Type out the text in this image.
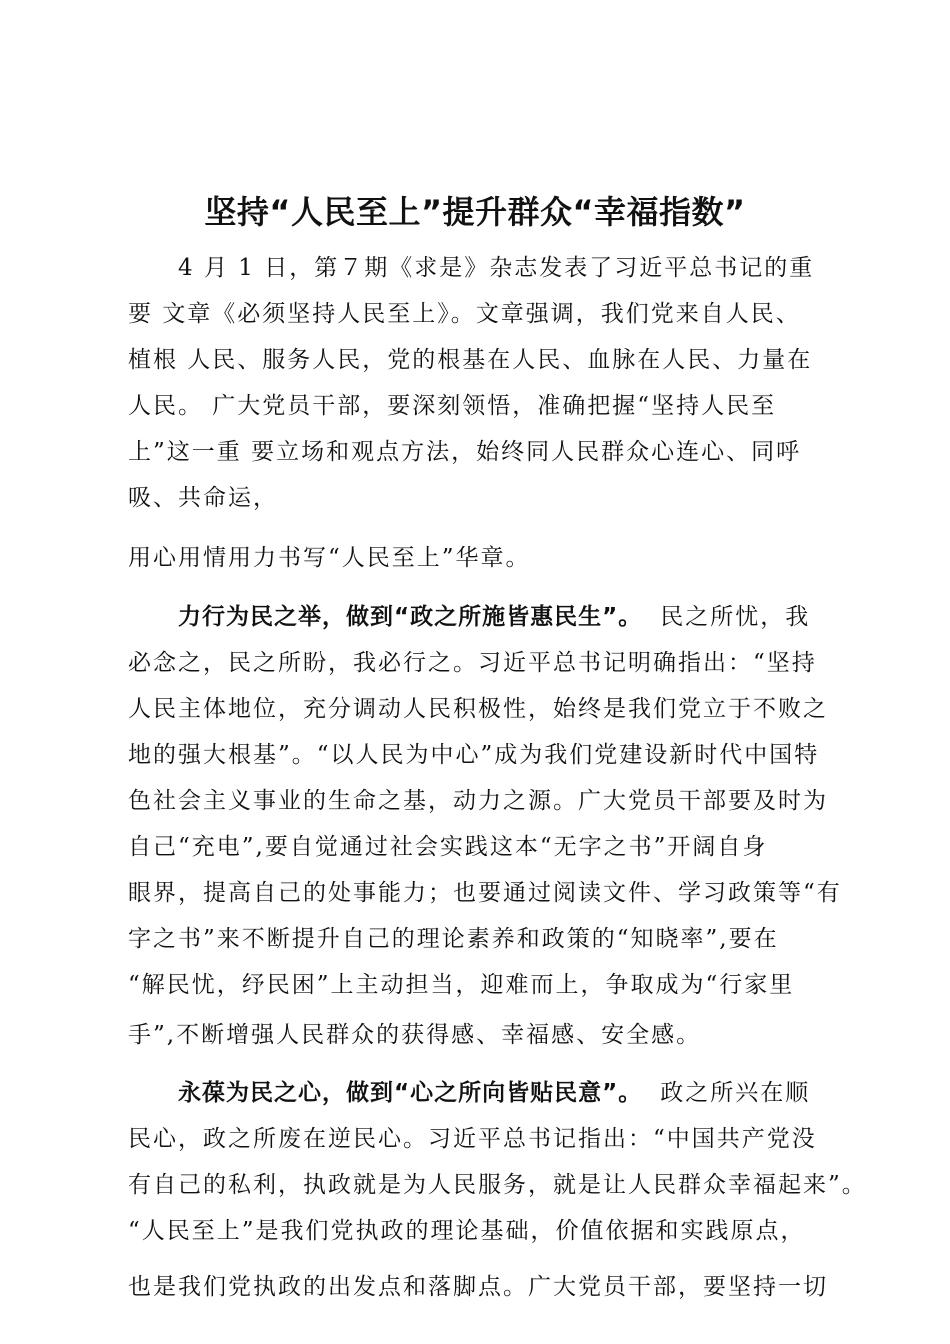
坚持“人民至上”提升群众“幸福指数”

4 月 1 日，第７期《求是》杂志发表了习近平总书记的重

要 文章《必须坚持人民至上》。文章强调，我们党来自人民、

植根 人民、服务人民，党的根基在人民、血脉在人民、力量在

人民。 广大党员干部，要深刻领悟，准确把握“坚持人民至

上”这一重 要立场和观点方法，始终同人民群众心连心、同呼

吸、共命运，

用心用情用力书写“人民至上”华章。

力行为民之举，做到“政之所施皆惠民生”。 民之所忧，我

必念之，民之所盼，我必行之。习近平总书记明确指出：“坚持

人民主体地位，充分调动人民积极性，始终是我们党立于不败之

地的强大根基”。“以人民为中心”成为我们党建设新时代中国特

色社会主义事业的生命之基，动力之源。广大党员干部要及时为

自己“充电”,要自觉通过社会实践这本“无字之书”开阔自身

眼界，提高自己的处事能力；也要通过阅读文件、学习政策等“有

字之书”来不断提升自己的理论素养和政策的“知晓率”,要在

“解民忧，纾民困”上主动担当，迎难而上，争取成为“行家里

手”,不断增强人民群众的获得感、幸福感、安全感。

永葆为民之心，做到“心之所向皆贴民意”。 政之所兴在顺

民心，政之所废在逆民心。习近平总书记指出：“中国共产党没

有自己的私利，执政就是为人民服务，就是让人民群众幸福起来”。

“人民至上”是我们党执政的理论基础，价值依据和实践原点，

也是我们党执政的出发点和落脚点。广大党员干部，要坚持一切
